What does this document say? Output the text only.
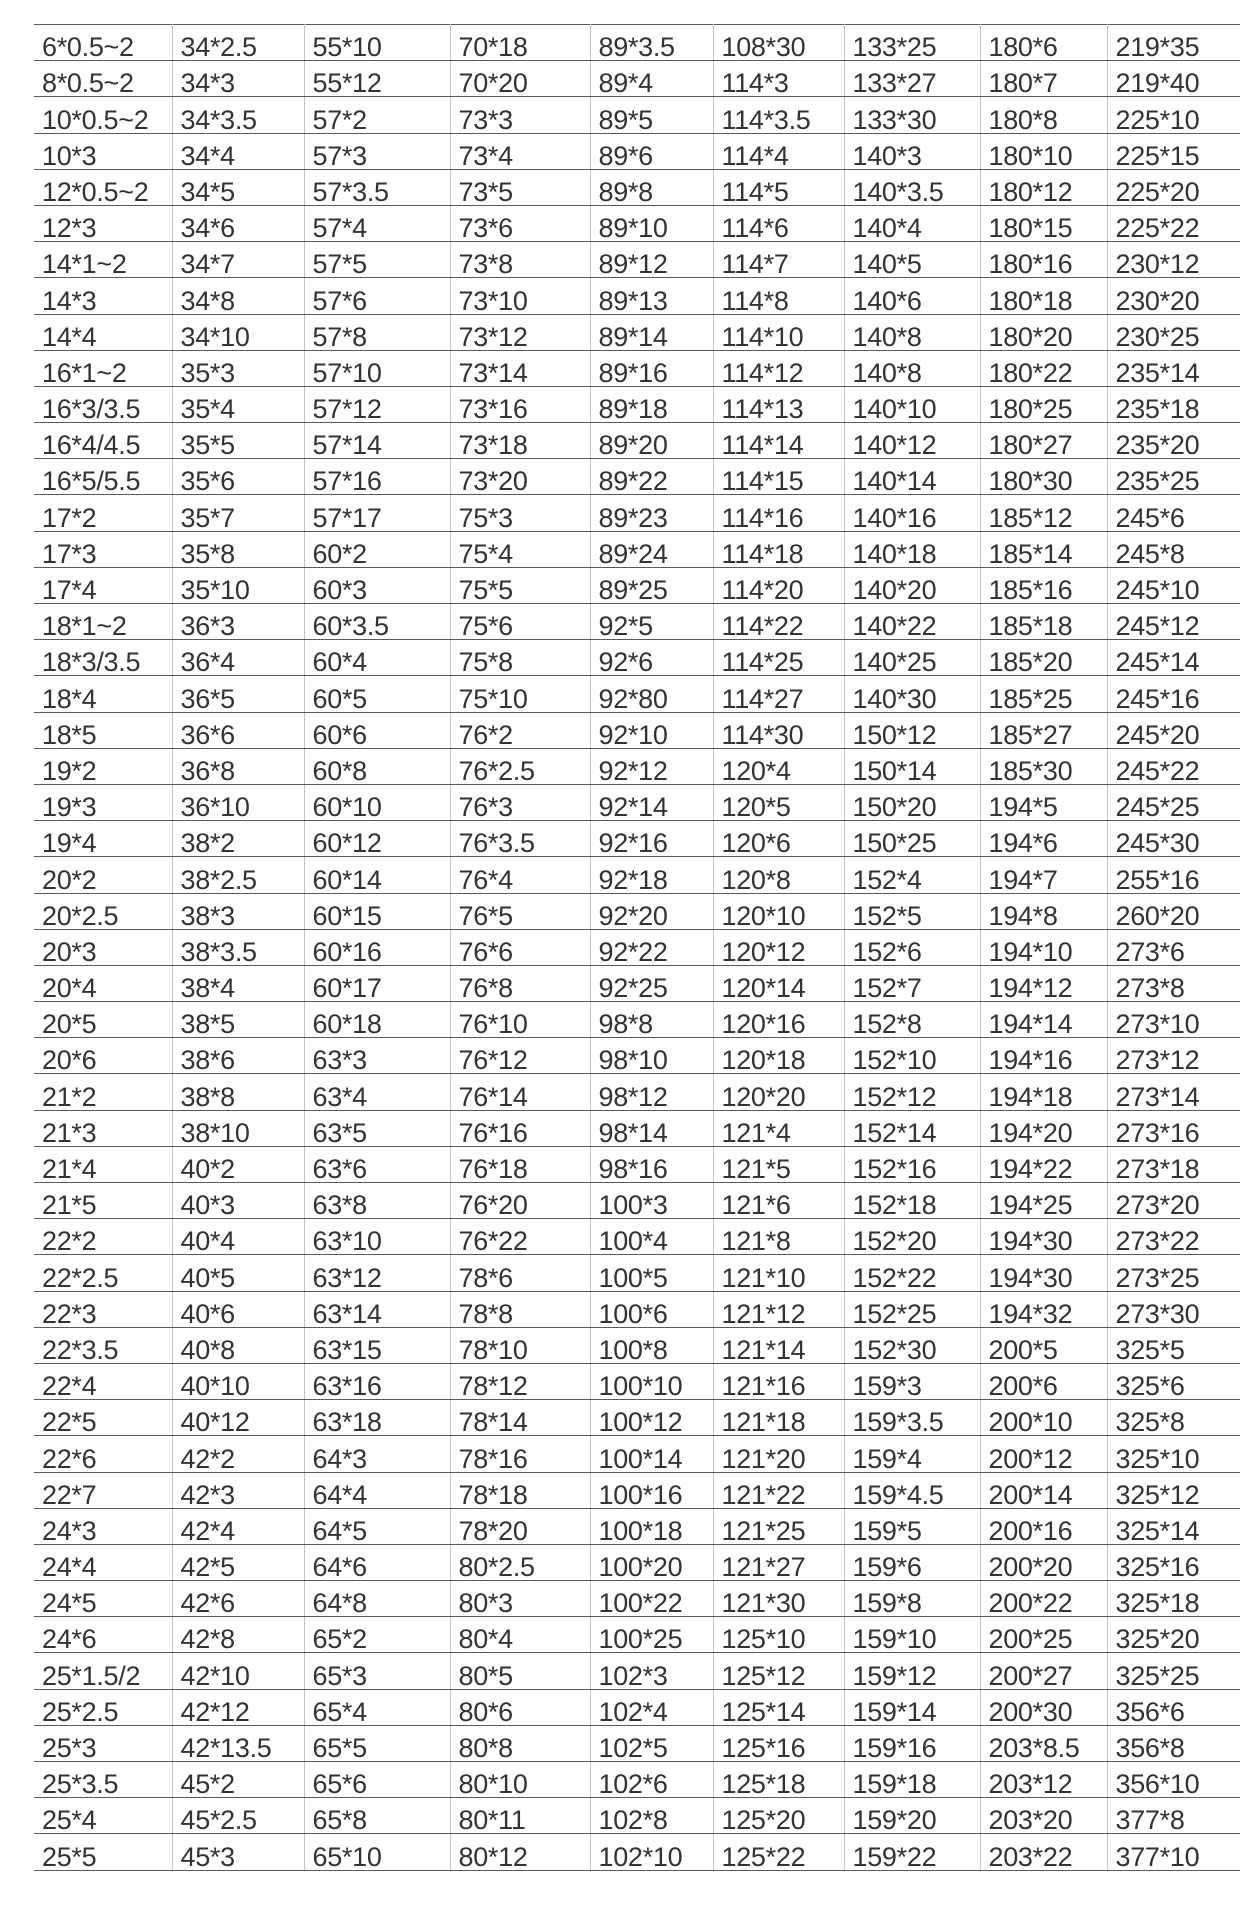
6*0.5~2	34*2.5	55*10	70*18	89*3.5	108*30	133*25	180*6	219*35
8*0.5~2	34*3	55*12	70*20	89*4	114*3	133*27	180*7	219*40
10*0.5~2	34*3.5	57*2	73*3	89*5	114*3.5	133*30	180*8	225*10
10*3	34*4	57*3	73*4	89*6	114*4	140*3	180*10	225*15
12*0.5~2	34*5	57*3.5	73*5	89*8	114*5	140*3.5	180*12	225*20
12*3	34*6	57*4	73*6	89*10	114*6	140*4	180*15	225*22
14*1~2	34*7	57*5	73*8	89*12	114*7	140*5	180*16	230*12
14*3	34*8	57*6	73*10	89*13	114*8	140*6	180*18	230*20
14*4	34*10	57*8	73*12	89*14	114*10	140*8	180*20	230*25
16*1~2	35*3	57*10	73*14	89*16	114*12	140*8	180*22	235*14
16*3/3.5	35*4	57*12	73*16	89*18	114*13	140*10	180*25	235*18
16*4/4.5	35*5	57*14	73*18	89*20	114*14	140*12	180*27	235*20
16*5/5.5	35*6	57*16	73*20	89*22	114*15	140*14	180*30	235*25
17*2	35*7	57*17	75*3	89*23	114*16	140*16	185*12	245*6
17*3	35*8	60*2	75*4	89*24	114*18	140*18	185*14	245*8
17*4	35*10	60*3	75*5	89*25	114*20	140*20	185*16	245*10
18*1~2	36*3	60*3.5	75*6	92*5	114*22	140*22	185*18	245*12
18*3/3.5	36*4	60*4	75*8	92*6	114*25	140*25	185*20	245*14
18*4	36*5	60*5	75*10	92*80	114*27	140*30	185*25	245*16
18*5	36*6	60*6	76*2	92*10	114*30	150*12	185*27	245*20
19*2	36*8	60*8	76*2.5	92*12	120*4	150*14	185*30	245*22
19*3	36*10	60*10	76*3	92*14	120*5	150*20	194*5	245*25
19*4	38*2	60*12	76*3.5	92*16	120*6	150*25	194*6	245*30
20*2	38*2.5	60*14	76*4	92*18	120*8	152*4	194*7	255*16
20*2.5	38*3	60*15	76*5	92*20	120*10	152*5	194*8	260*20
20*3	38*3.5	60*16	76*6	92*22	120*12	152*6	194*10	273*6
20*4	38*4	60*17	76*8	92*25	120*14	152*7	194*12	273*8
20*5	38*5	60*18	76*10	98*8	120*16	152*8	194*14	273*10
20*6	38*6	63*3	76*12	98*10	120*18	152*10	194*16	273*12
21*2	38*8	63*4	76*14	98*12	120*20	152*12	194*18	273*14
21*3	38*10	63*5	76*16	98*14	121*4	152*14	194*20	273*16
21*4	40*2	63*6	76*18	98*16	121*5	152*16	194*22	273*18
21*5	40*3	63*8	76*20	100*3	121*6	152*18	194*25	273*20
22*2	40*4	63*10	76*22	100*4	121*8	152*20	194*30	273*22
22*2.5	40*5	63*12	78*6	100*5	121*10	152*22	194*30	273*25
22*3	40*6	63*14	78*8	100*6	121*12	152*25	194*32	273*30
22*3.5	40*8	63*15	78*10	100*8	121*14	152*30	200*5	325*5
22*4	40*10	63*16	78*12	100*10	121*16	159*3	200*6	325*6
22*5	40*12	63*18	78*14	100*12	121*18	159*3.5	200*10	325*8
22*6	42*2	64*3	78*16	100*14	121*20	159*4	200*12	325*10
22*7	42*3	64*4	78*18	100*16	121*22	159*4.5	200*14	325*12
24*3	42*4	64*5	78*20	100*18	121*25	159*5	200*16	325*14
24*4	42*5	64*6	80*2.5	100*20	121*27	159*6	200*20	325*16
24*5	42*6	64*8	80*3	100*22	121*30	159*8	200*22	325*18
24*6	42*8	65*2	80*4	100*25	125*10	159*10	200*25	325*20
25*1.5/2	42*10	65*3	80*5	102*3	125*12	159*12	200*27	325*25
25*2.5	42*12	65*4	80*6	102*4	125*14	159*14	200*30	356*6
25*3	42*13.5	65*5	80*8	102*5	125*16	159*16	203*8.5	356*8
25*3.5	45*2	65*6	80*10	102*6	125*18	159*18	203*12	356*10
25*4	45*2.5	65*8	80*11	102*8	125*20	159*20	203*20	377*8
25*5	45*3	65*10	80*12	102*10	125*22	159*22	203*22	377*10
